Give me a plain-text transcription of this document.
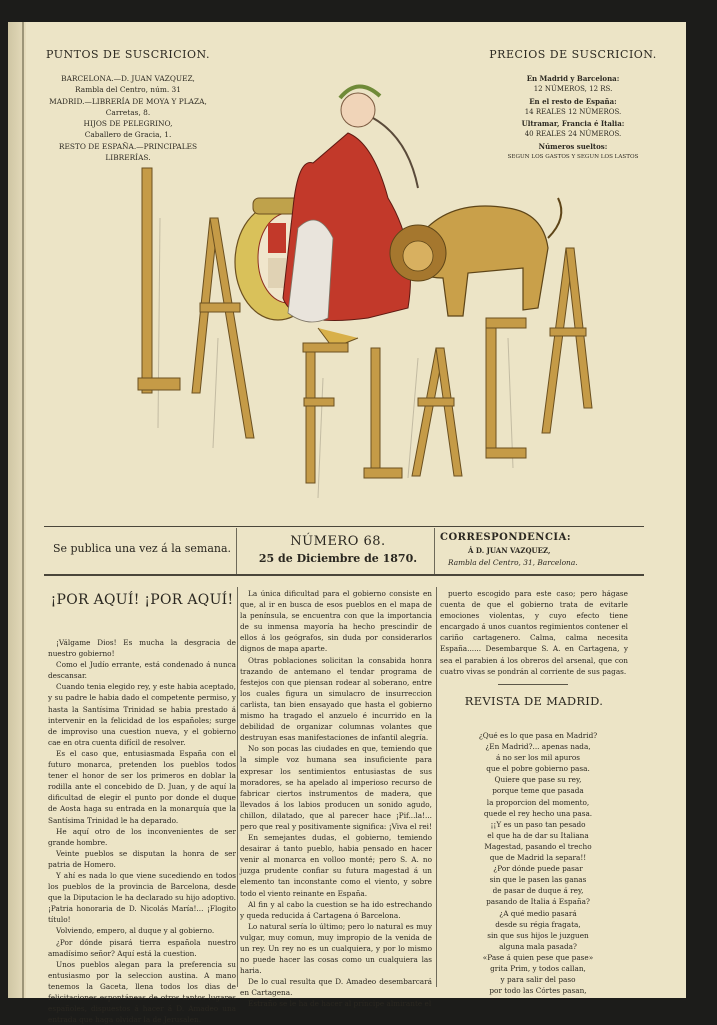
PUNTOS DE SUSCRICION.
BARCELONA.—D. JUAN VAZQUEZ,
Rambla del Centro, núm. 31
MADRID.—LIBRERÍA DE MOYA Y PLAZA,
Carretas, 8.
HIJOS DE PELEGRINO,
Caballero de Gracia, 1.
RESTO DE ESPAÑA.—PRINCIPALES
LIBRERÍAS.
PRECIOS DE SUSCRICION.
En Madrid y Barcelona:
12 NÚMEROS, 12 RS.
En el resto de España:
14 REALES 12 NÚMEROS.
Ultramar, Francia é Italia:
40 REALES 24 NÚMEROS.
Números sueltos:
SEGUN LOS GASTOS Y SEGUN LOS LASTOS
LA FLACA
Se publica una vez á la semana.	NÚMERO 68.
25 de Diciembre de 1870.
CORRESPONDENCIA:
Á D. JUAN VAZQUEZ,
Rambla del Centro, 31, Barcelona.
¡POR AQUÍ! ¡POR AQUÍ!

¡Válgame Dios! Es mucha la desgracia de nuestro gobierno!

Como el Judío errante, está condenado á nunca descansar.

Cuando tenia elegido rey, y este habia aceptado, y su padre le habia dado el competente permiso, y hasta la Santísima Trinidad se habia prestado á intervenir en la felicidad de los españoles; surge de improviso una cuestion nueva, y el gobierno cae en otra cuenta difícil de resolver.

Es el caso que, entusiasmada España con el futuro monarca, pretenden los pueblos todos tener el honor de ser los primeros en doblar la rodilla ante el concebido de D. Juan, y de aquí la dificultad de elegir el punto por donde el duque de Aosta haga su entrada en la monarquía que la Santísima Trinidad le ha deparado.

He aquí otro de los inconvenientes de ser grande hombre.

Veinte pueblos se disputan la honra de ser patria de Homero.

Y ahí es nada lo que viene sucediendo en todos los pueblos de la provincia de Barcelona, desde que la Diputacion le ha declarado su hijo adoptivo. ¡Patria honoraria de D. Nicolás María!... ¡Flogito título!

Volviendo, empero, al duque y al gobierno.

¿Por dónde pisará tierra española nuestro amadísimo señor? Aquí está la cuestion.

Unos pueblos alegan para la preferencia su entusiasmo por la seleccion austina. A mano tenemos la Gaceta, llena todos los dias de felicitaciones espontáneas de otros tantos lugares españoles, dispuestos á hacer á D. Amadeo una entrada que haga olvidar la de Jerusalen.

La única dificultad para el gobierno consiste en que, al ir en busca de esos pueblos en el mapa de la península, se encuentra con que la importancia de su inmensa mayoría ha hecho prescindir de ellos á los geógrafos, sin duda por considerarlos dignos de mapa aparte.

Otras poblaciones solicitan la consabida honra trazando de antemano el tendar programa de festejos con que piensan rodear al soberano, entre los cuales figura un simulacro de insurreccion carlista, tan bien ensayado que hasta el gobierno mismo ha tragado el anzuelo é incurrido en la debilidad de organizar columnas volantes que destruyan esas manifestaciones de infantil alegría.

No son pocas las ciudades en que, temiendo que la simple voz humana sea insuficiente para expresar los sentimientos entusiastas de sus moradores, se ha apelado al imperioso recurso de fabricar ciertos instrumentos de madera, que llevados á los labios producen un sonido agudo, chillon, dilatado, que al parecer hace ¡Pif...la!... pero que real y positivamente significa: ¡Viva el rei!

En semejantes dudas, el gobierno, temiendo desairar á tanto pueblo, habia pensado en hacer venir al monarca en volloo monté; pero S. A. no juzga prudente confiar su futura magestad á un elemento tan inconstante como el viento, y sobre todo el viento reinante en España.

Al fin y al cabo la cuestion se ha ido estrechando y queda reducida á Cartagena ó Barcelona.

Lo natural sería lo último; pero lo natural es muy vulgar, muy comun, muy impropio de la venida de un rey. Un rey no es un cualquiera, y por lo mismo no puede hacer las cosas como un cualquiera las haria.

De lo cual resulta que D. Amadeo desembarcará en Cartagena.

Estraño se le ha de hacer al príncipe almirante el

puerto escogido para este caso; pero hágase cuenta de que el gobierno trata de evitarle emociones violentas, y cuyo efecto tiene encargado á unos cuantos regimientos contener el cariño cartagenero. Calma, calma necesita España...... Desembarque S. A. en Cartagena, y sea el parabien á los obreros del arsenal, que con cuatro vivas se pondrán al corriente de sus pagas.

REVISTA DE MADRID.
¿Qué es lo que pasa en Madrid?
¿En Madrid?... apenas nada,
á no ser los mil apuros
que el pobre gobierno pasa.
Quiere que pase su rey,
porque teme que pasada
la proporcion del momento,
quede el rey hecho una pasa.
¡¡Y es un paso tan pesado
el que ha de dar su Italiana
Magestad, pasando el trecho
que de Madrid la separa!!
¿Por dónde puede pasar
sin que le pasen las ganas
de pasar de duque á rey,
pasando de Italia á España?
¿A qué medio pasará
desde su régia fragata,
sin que sus hijos le juzguen
alguna mala pasada?
«Pase á quien pese que pase»
grita Prim, y todos callan,
y para salir del paso
por todo las Córtes pasan,
